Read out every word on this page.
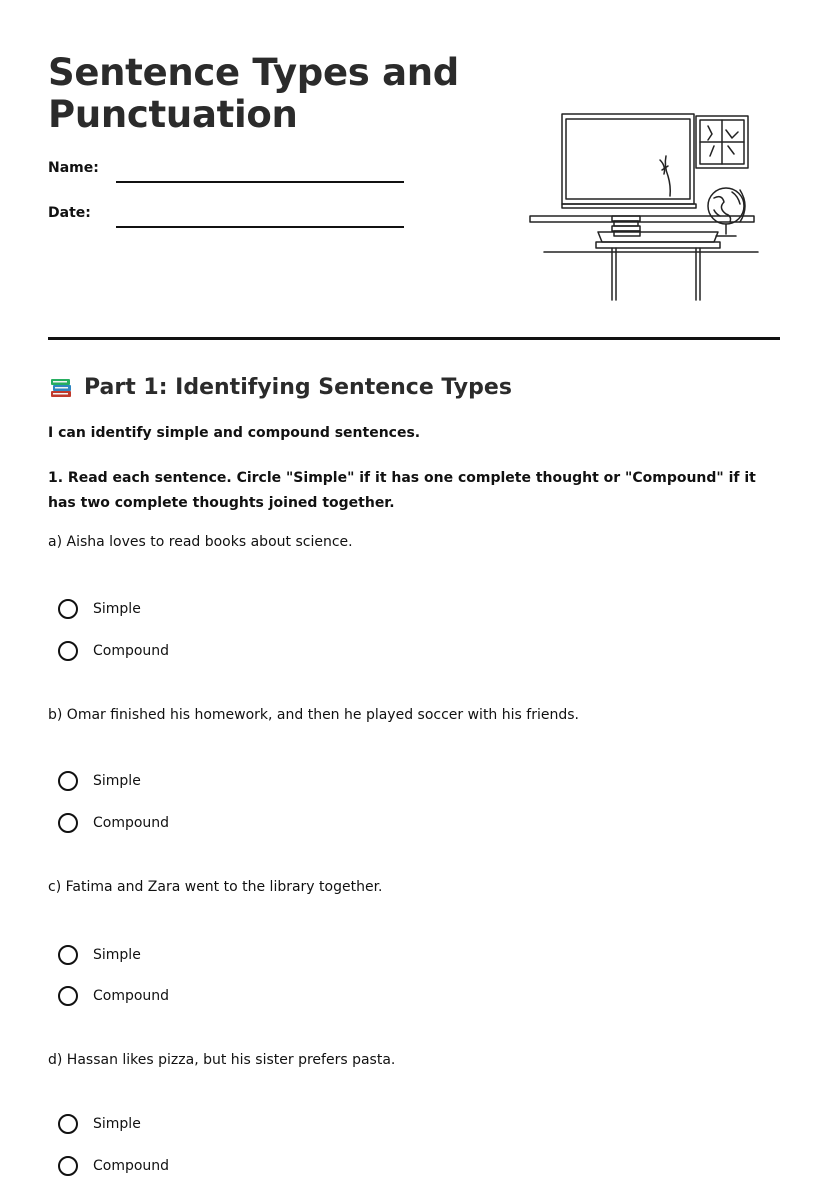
Sentence Types and Punctuation
Name:
Date:
Part 1: Identifying Sentence Types
I can identify simple and compound sentences.
1. Read each sentence. Circle "Simple" if it has one complete thought or "Compound" if it has two complete thoughts joined together.
a) Aisha loves to read books about science.
Simple
Compound
b) Omar finished his homework, and then he played soccer with his friends.
Simple
Compound
c) Fatima and Zara went to the library together.
Simple
Compound
d) Hassan likes pizza, but his sister prefers pasta.
Simple
Compound
